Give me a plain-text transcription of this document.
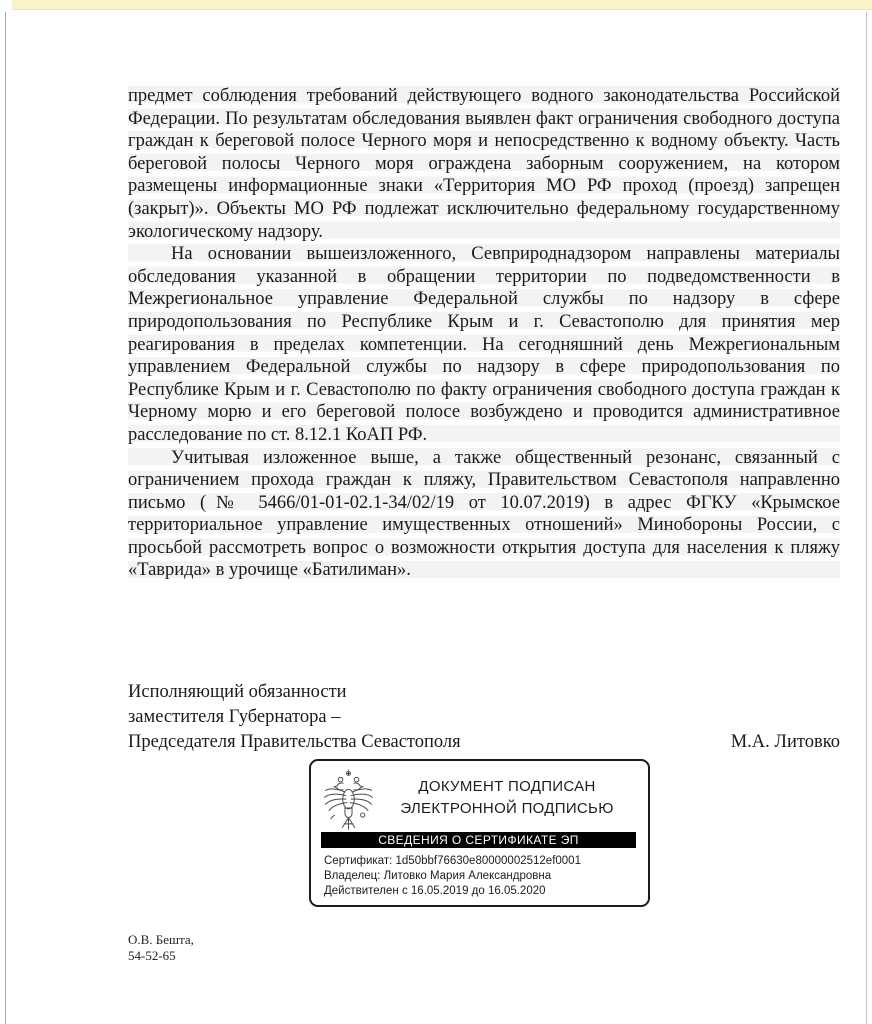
предмет соблюдения требований действующего водного законодательства Российской Федерации. По результатам обследования выявлен факт ограничения свободного доступа граждан к береговой полосе Черного моря и непосредственно к водному объекту. Часть береговой полосы Черного моря ограждена заборным сооружением, на котором размещены информационные знаки «Территория МО РФ проход (проезд) запрещен (закрыт)». Объекты МО РФ подлежат исключительно федеральному государственному экологическому надзору.

На основании вышеизложенного, Севприроднадзором направлены материалы обследования указанной в обращении территории по подведомственности в Межрегиональное управление Федеральной службы по надзору в сфере природопользования по Республике Крым и г. Севастополю для принятия мер реагирования в пределах компетенции. На сегодняшний день Межрегиональным управлением Федеральной службы по надзору в сфере природопользования по Республике Крым и г. Севастополю по факту ограничения свободного доступа граждан к Черному морю и его береговой полосе возбуждено и проводится административное расследование по ст. 8.12.1 КоАП РФ.

Учитывая изложенное выше, а также общественный резонанс, связанный с ограничением прохода граждан к пляжу, Правительством Севастополя направленно письмо (№ 5466/01-01-02.1-34/02/19 от 10.07.2019) в адрес ФГКУ «Крымское территориальное управление имущественных отношений» Минобороны России, с просьбой рассмотреть вопрос о возможности открытия доступа для населения к пляжу «Таврида» в урочище «Батилиман».

Исполняющий обязанности
заместителя Губернатора –
Председателя Правительства Севастополя	М.А. Литовко
ДОКУМЕНТ ПОДПИСАН
ЭЛЕКТРОННОЙ ПОДПИСЬЮ
СВЕДЕНИЯ О СЕРТИФИКАТЕ ЭП
Сертификат: 1d50bbf76630e80000002512ef0001
Владелец: Литовко Мария Александровна
Действителен с 16.05.2019 до 16.05.2020
О.В. Бешта,
54-52-65
